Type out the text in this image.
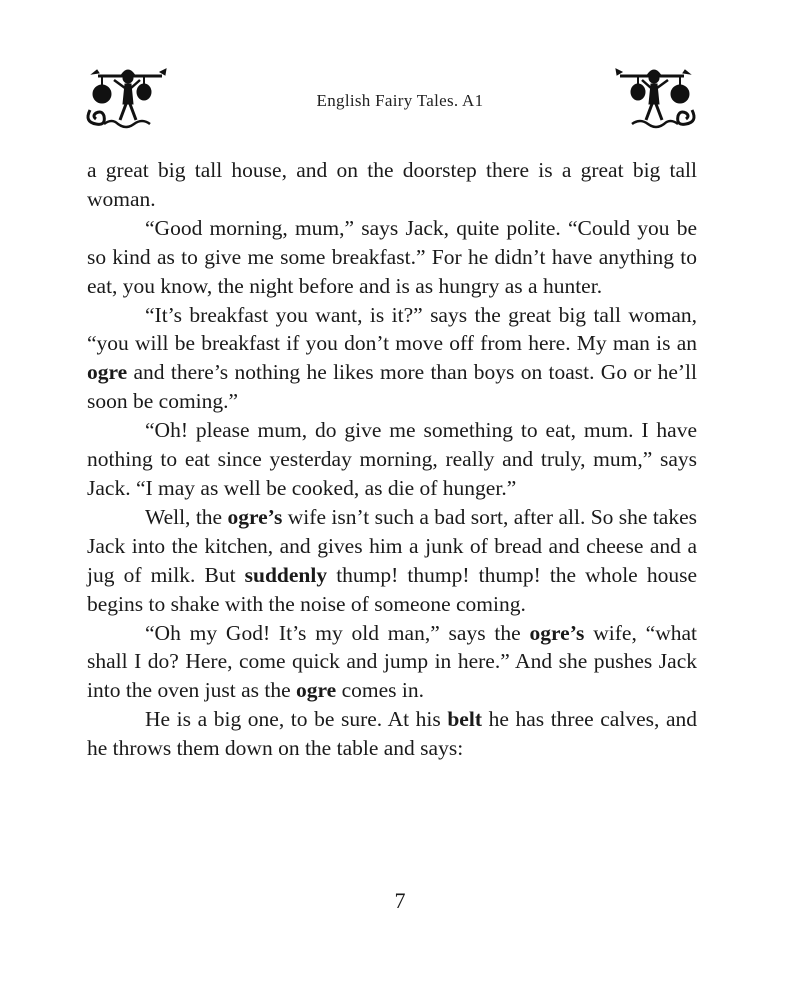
English Fairy Tales. A1

a great big tall house, and on the doorstep there is a great big tall woman.

“Good morning, mum,” says Jack, quite polite. “Could you be so kind as to give me some breakfast.” For he didn’t have anything to eat, you know, the night before and is as hungry as a hunter.

“It’s breakfast you want, is it?” says the great big tall woman, “you will be breakfast if you don’t move off from here. My man is an ogre and there’s nothing he likes more than boys on toast. Go or he’ll soon be coming.”

“Oh! please mum, do give me something to eat, mum. I have nothing to eat since yesterday morning, really and truly, mum,” says Jack. “I may as well be cooked, as die of hunger.”

Well, the ogre’s wife isn’t such a bad sort, after all. So she takes Jack into the kitchen, and gives him a junk of bread and cheese and a jug of milk. But suddenly thump! thump! thump! the whole house begins to shake with the noise of someone coming.

“Oh my God! It’s my old man,” says the ogre’s wife, “what shall I do? Here, come quick and jump in here.” And she pushes Jack into the oven just as the ogre comes in.

He is a big one, to be sure. At his belt he has three calves, and he throws them down on the table and says:

7
